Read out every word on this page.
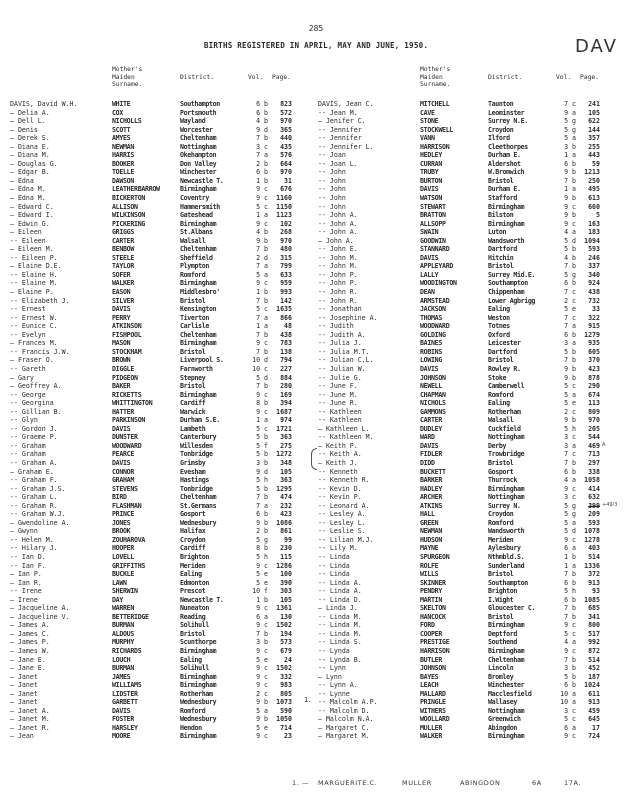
285
BIRTHS REGISTERED IN APRIL, MAY AND JUNE, 1950.	DAV
Mother's
Maiden
Surname.
District.	Vol. Page.
DAVIS, David W.H.	WHITE	Southampton	6 b	823
— Delia A.	COX	Portsmouth	6 b	572
— Dell L.	NICHOLLS	Wayland	4 b	970
— Denis	SCOTT	Worcester	9 d	365
— Derek S.	AMYES	Cheltenham	7 b	440
— Diana E.	NEWMAN	Nottingham	3 c	435
— Diana M.	HARRIS	Okehampton	7 a	576
— Douglas G.	BOOKER	Don Valley	2 b	664
— Edgar B.	TOELLE	Winchester	6 b	970
— Edna	DAWSON	Newcastle T.	1 b	31
— Edna M.	LEATHERBARROW	Birmingham	9 c	676
— Edna M.	BICKERTON	Coventry	9 c	1160
— Edward C.	ALLISON	Hammersmith	5 c	1150
— Edward I.	WILKINSON	Gateshead	1 a	1123
— Edwin G.	PICKERING	Birmingham	9 c	102
— Eileen	GRIGGS	St.Albans	4 b	268
-- Eileen	CARTER	Walsall	9 b	970
— Eileen M.	BENBOW	Cheltenham	7 b	480
-- Eileen P.	STEELE	Sheffield	2 d	315
— Elaine D.E.	TAYLOR	Plympton	7 a	799
-- Elaine H.	SOFER	Romford	5 a	633
-- Elaine M.	WALKER	Birmingham	9 c	959
— Elaine P.	EASON	Middlesbro'	1 b	993
-- Elizabeth J.	SILVER	Bristol	7 b	142
-- Ernest	DAVIS	Kensington	5 c	1635
-- Ernest W.	PERRY	Tiverton	7 a	866
-- Eunice C.	ATKINSON	Carlisle	1 a	48
-- Evelyn	FISHPOOL	Cheltenham	7 b	438
— Frances M.	MASON	Birmingham	9 c	783
-- Francis J.W.	STOCKHAM	Bristol	7 b	138
— Fraser O.	BROWN	Liverpool S.	10 d	794
-- Gareth	DIGGLE	Farnworth	10 c	227
— Gary	PIDGEON	Stepney	5 d	884
— Geoffrey A.	BAKER	Bristol	7 b	280
-- George	RICKETTS	Birmingham	9 c	169
-- Georgina	WHITTINGTON	Cardiff	8 b	394
-- Gillian B.	HATTER	Warwick	9 c	1687
-- Glyn	PARKINSON	Durham S.E.	1 a	974
-- Gordon J.	DAVIS	Lambeth	5 c	1721
-- Graeme P.	DUNSTER	Canterbury	5 b	363
-- Graham	WOODWARD	Willesden	5 f	275
-- Graham	PEARCE	Tonbridge	5 b	1272
-- Graham A.	DAVIS	Grimsby	3 b	348
— Graham E.	CONNOR	Evesham	9 d	105
-- Graham F.	GRAHAM	Hastings	5 h	363
-- Graham J.S.	STEVENS	Tonbridge	5 b	1295
-- Graham L.	BIRD	Cheltenham	7 b	474
-- Graham R.	FLASHMAN	St.Germans	7 a	232
-- Graham W.J.	PRINCE	Gosport	6 b	423
— Gwendoline A.	JONES	Wednesbury	9 b	1086
— Gwynn	BROOK	Halifax	2 b	861
-- Helen M.	ZOUHAROVA	Croydon	5 g	99
-- Hilary J.	HOOPER	Cardiff	8 b	230
-- Ian D.	LOVELL	Brighton	5 h	115
-- Ian F.	GRIFFITHS	Meriden	9 c	1286
— Ian P.	BUCKLE	Ealing	5 e	100
— Ian R.	LAWN	Edmonton	5 e	390
-- Irene	SHERWIN	Prescot	10 f	303
— Irene	DAY	Newcastle T.	1 b	105
— Jacqueline A.	WARREN	Nuneaton	9 c	1361
— Jacqueline V.	BETTERIDGE	Reading	6 a	130
— James A.	BURMAN	Solihull	9 c	1502
— James C.	ALDOUS	Bristol	7 b	194
— James P.	MURPHY	Scunthorpe	3 b	573
— James W.	RICHARDS	Birmingham	9 c	679
— Jane E.	LOUCH	Ealing	5 e	24
— Jane E.	BURMAN	Solihull	9 c	1502
— Janet	JAMES	Birmingham	9 c	332
— Janet	WILLIAMS	Birmingham	9 c	983
— Janet	LIDSTER	Rotherham	2 c	805
— Janet	GARBETT	Wednesbury	9 b	1073
— Janet A.	DAVIS	Romford	5 a	590
— Janet M.	FOSTER	Wednesbury	9 b	1050
— Janet R.	HARSLEY	Hendon	5 e	714
— Jean	MOORE	Birmingham	9 c	23
Mother's
Maiden
Surname.
District.	Vol. Page.
DAVIS, Jean C.	MITCHELL	Taunton	7 c	241
-- Jean M.	CAVE	Leominster	9 a	105
— Jenifer C.	STONE	Surrey N.E.	5 g	622
-- Jennifer	STOCKWELL	Croydon	5 g	144
-- Jennifer	VANN	Ilford	5 a	357
-- Jennifer L.	HARRISON	Cleethorpes	3 b	255
-- Joan	HEDLEY	Durham E.	1 a	443
-- Joan L.	CURRAN	Aldershot	6 b	59
-- John	TRUBY	W.Bromwich	9 b	1213
-- John	BURTON	Bristol	7 b	250
-- John	DAVIS	Durham E.	1 a	495
-- John	WATSON	Stafford	9 b	613
-- John	STEWART	Birmingham	9 c	660
-- John A.	BRATTON	Bilston	9 b	5
-- John A.	ALLSOPP	Birmingham	9 c	163
-- John A.	SWAIN	Luton	4 a	183
— John A.	GOODWIN	Wandsworth	5 d	1094
-- John E.	STANNARD	Dartford	5 b	593
-- John M.	DAVIS	Hitchin	4 b	246
-- John M.	APPLEYARD	Bristol	7 b	337
-- John P.	LALLY	Surrey Mid.E.	5 g	340
-- John P.	WOODINGTON	Southampton	6 b	924
-- John R.	DEAN	Chippenham	7 c	438
-- John R.	ARMSTEAD	Lower Agbrigg	2 c	732
-- Jonathan	JACKSON	Ealing	5 e	33
-- Josephine A.	THOMAS	Weston	7 c	322
-- Judith	WOODWARD	Totnes	7 a	915
-- Judith A.	GOLDING	Oxford	6 b	1279
-- Julia J.	BAINES	Leicester	3 a	935
-- Julia M.T.	ROBINS	Dartford	5 b	605
-- Julian C.L.	LOWING	Bristol	7 b	370
-- Julian W.	DAVIS	Rowley R.	9 b	423
-- Julie G.	JOHNSON	Stoke	9 b	878
-- June F.	NEWELL	Camberwell	5 c	290
-- June M.	CHAPMAN	Romford	5 a	674
-- June R.	NICHOLS	Ealing	5 e	113
-- Kathleen	GAMMONS	Rotherham	2 c	809
-- Kathleen	CARTER	Walsall	9 b	970
— Kathleen L.	DUDLEY	Cuckfield	5 h	205
-- Kathleen M.	WARD	Nottingham	3 c	544
— Keith P.	DAVIS	Derby	3 a	469 A
-- Keith A.	FIDLER	Trowbridge	7 c	713
— Keith J.	DIDD	Bristol	7 b	297
-- Kenneth	BUCKETT	Gosport	6 b	338
-- Kenneth R.	BARKER	Thurrock	4 a	1058
-- Kevin D.	HADLEY	Birmingham	9 c	414
-- Kevin P.	ARCHER	Nottingham	3 c	632
-- Leonard A.	ATKINS	Surrey N.	5 g	399 +49/3
-- Lesley A.	HALL	Croydon	5 g	209
-- Lesley L.	GREEN	Romford	5 a	593
-- Leslie S.	NEWMAN	Wandsworth	5 d	1078
-- Lilian M.J.	HUDSON	Meriden	9 c	1278
-- Lily M.	MAYNE	Aylesbury	6 a	403
-- Linda	SPURGEON	Nthmbld.S.	1 b	514
-- Linda	ROLFE	Sunderland	1 a	1336
-- Linda	WILLS	Bristol	7 b	372
-- Linda A.	SKINNER	Southampton	6 b	913
-- Linda A.	PENDRY	Brighton	5 h	93
-- Linda D.	MARTIN	I.Wight	6 b	1085
— Linda J.	SKELTON	Gloucester C.	7 b	685
-- Linda M.	HANCOCK	Bristol	7 b	341
-- Linda M.	FORD	Birmingham	9 c	800
-- Linda M.	COOPER	Deptford	5 c	517
-- Linda S.	PRESTIGE	Southend	4 a	992
-- Lynda	HARRISON	Birmingham	9 c	872
-- Lynda B.	BUTLER	Cheltenham	7 b	514
-- Lynn	JOHNSON	Lincoln	3 b	452
— Lynn	BAYES	Bromley	5 b	187
-- Lynn A.	LEACH	Winchester	6 b	1024
-- Lynne	MALLARD	Macclesfield	10 a	611
-- Malcolm A.P.	PRINGLE	Wallasey	10 a	913
-- Malcolm D.	WITHERS	Nottingham	3 c	459
— Malcolm N.A.	WOOLLARD	Greenwich	5 c	645
— Margaret C.	MULLER	Abingdon	6 a	17
— Margaret M.	WALKER	Birmingham	9 c	724
1.
1. — MARGUERITE.C.	MULLER	ABINGDON	6A	17A.
